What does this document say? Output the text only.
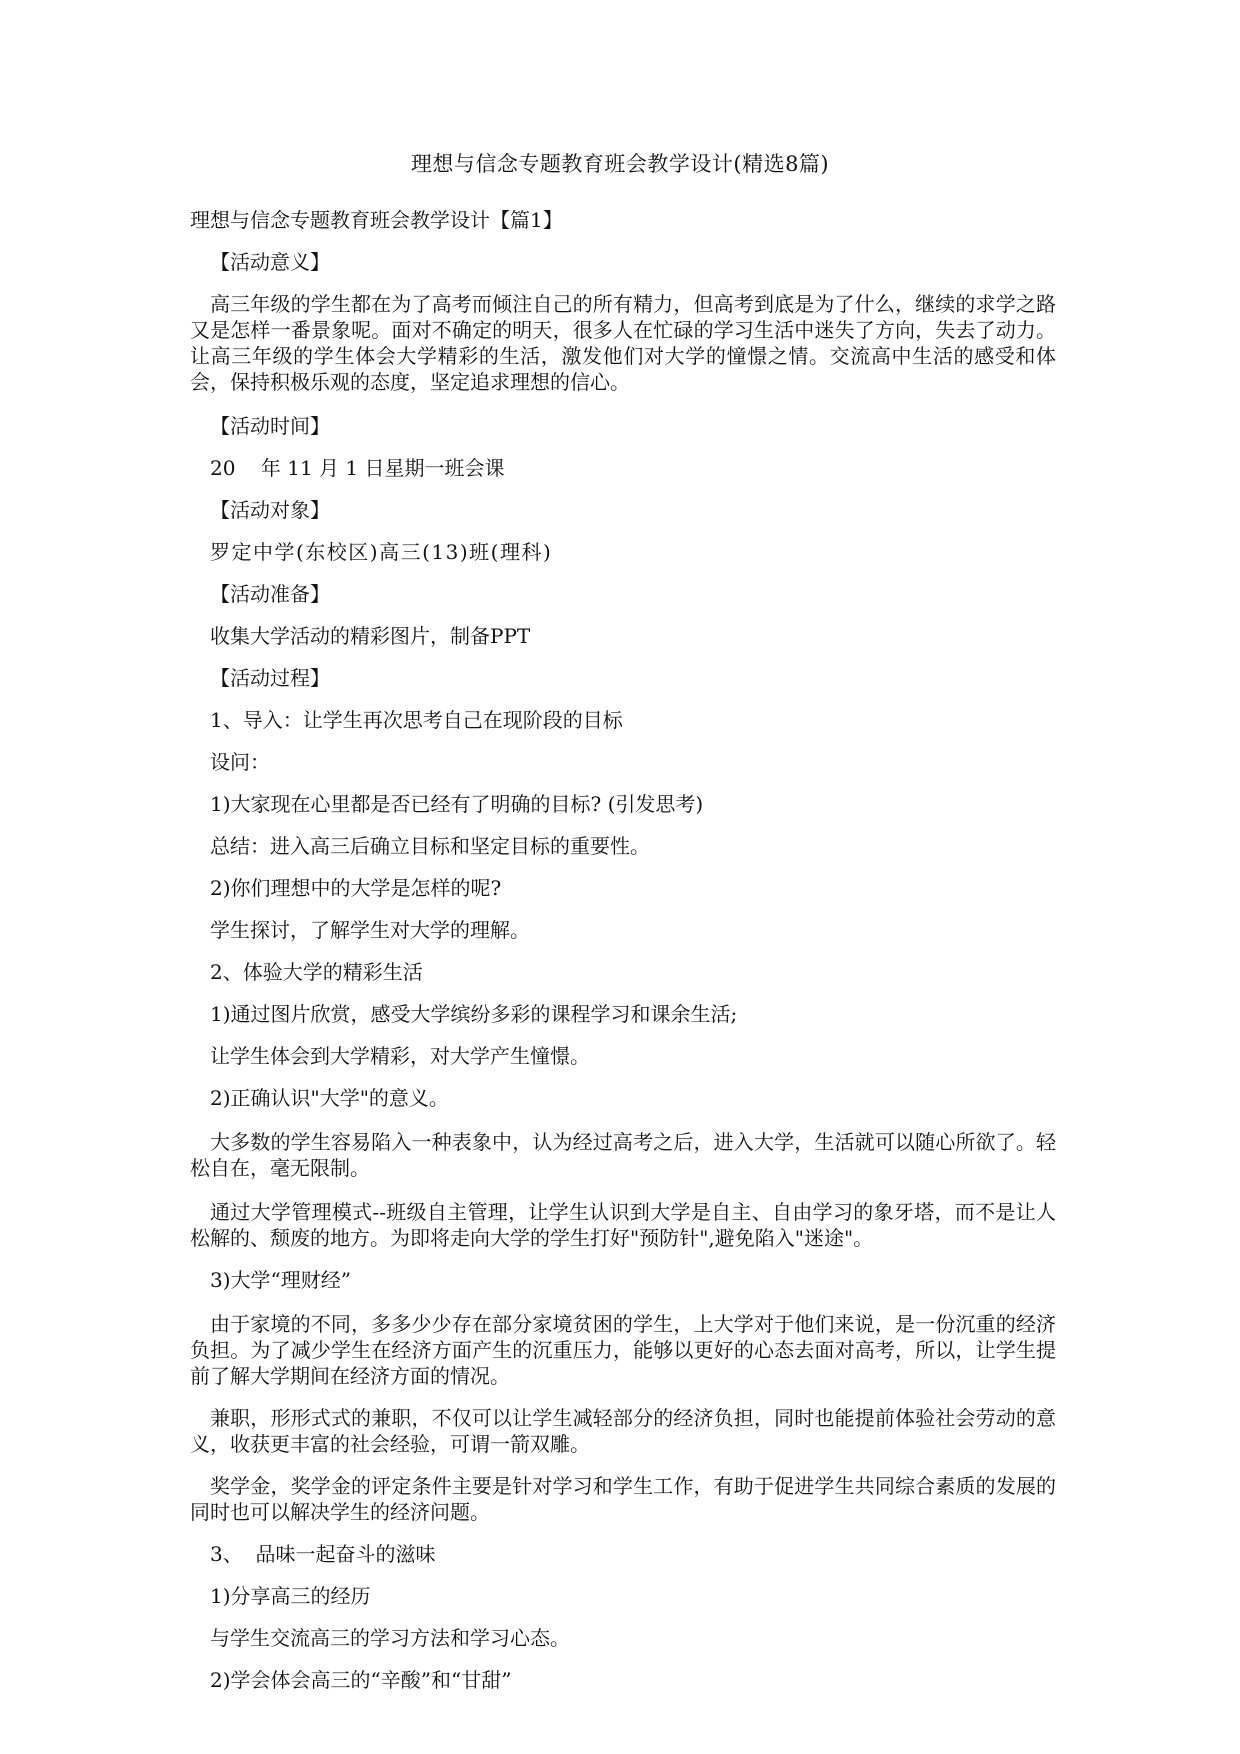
理想与信念专题教育班会教学设计(精选8篇)
理想与信念专题教育班会教学设计【篇1】
【活动意义】
高三年级的学生都在为了高考而倾注自己的所有精力，但高考到底是为了什么，继续的求学之路又是怎样一番景象呢。面对不确定的明天，很多人在忙碌的学习生活中迷失了方向，失去了动力。让高三年级的学生体会大学精彩的生活，激发他们对大学的憧憬之情。交流高中生活的感受和体会，保持积极乐观的态度，坚定追求理想的信心。
【活动时间】
20    年 11 月 1 日星期一班会课
【活动对象】
罗定中学(东校区)高三(13)班(理科)
【活动准备】
收集大学活动的精彩图片，制备PPT
【活动过程】
1、导入：让学生再次思考自己在现阶段的目标
设问：
1)大家现在心里都是否已经有了明确的目标? (引发思考)
总结：进入高三后确立目标和坚定目标的重要性。
2)你们理想中的大学是怎样的呢?
学生探讨，了解学生对大学的理解。
2、体验大学的精彩生活
1)通过图片欣赏，感受大学缤纷多彩的课程学习和课余生活;
让学生体会到大学精彩，对大学产生憧憬。
2)正确认识"大学"的意义。
大多数的学生容易陷入一种表象中，认为经过高考之后，进入大学，生活就可以随心所欲了。轻松自在，毫无限制。
通过大学管理模式--班级自主管理，让学生认识到大学是自主、自由学习的象牙塔，而不是让人松解的、颓废的地方。为即将走向大学的学生打好"预防针",避免陷入"迷途"。
3)大学“理财经”
由于家境的不同，多多少少存在部分家境贫困的学生，上大学对于他们来说，是一份沉重的经济负担。为了减少学生在经济方面产生的沉重压力，能够以更好的心态去面对高考，所以，让学生提前了解大学期间在经济方面的情况。
兼职，形形式式的兼职，不仅可以让学生减轻部分的经济负担，同时也能提前体验社会劳动的意义，收获更丰富的社会经验，可谓一箭双雕。
奖学金，奖学金的评定条件主要是针对学习和学生工作，有助于促进学生共同综合素质的发展的同时也可以解决学生的经济问题。
3、  品味一起奋斗的滋味
1)分享高三的经历
与学生交流高三的学习方法和学习心态。
2)学会体会高三的“辛酸”和“甘甜”
